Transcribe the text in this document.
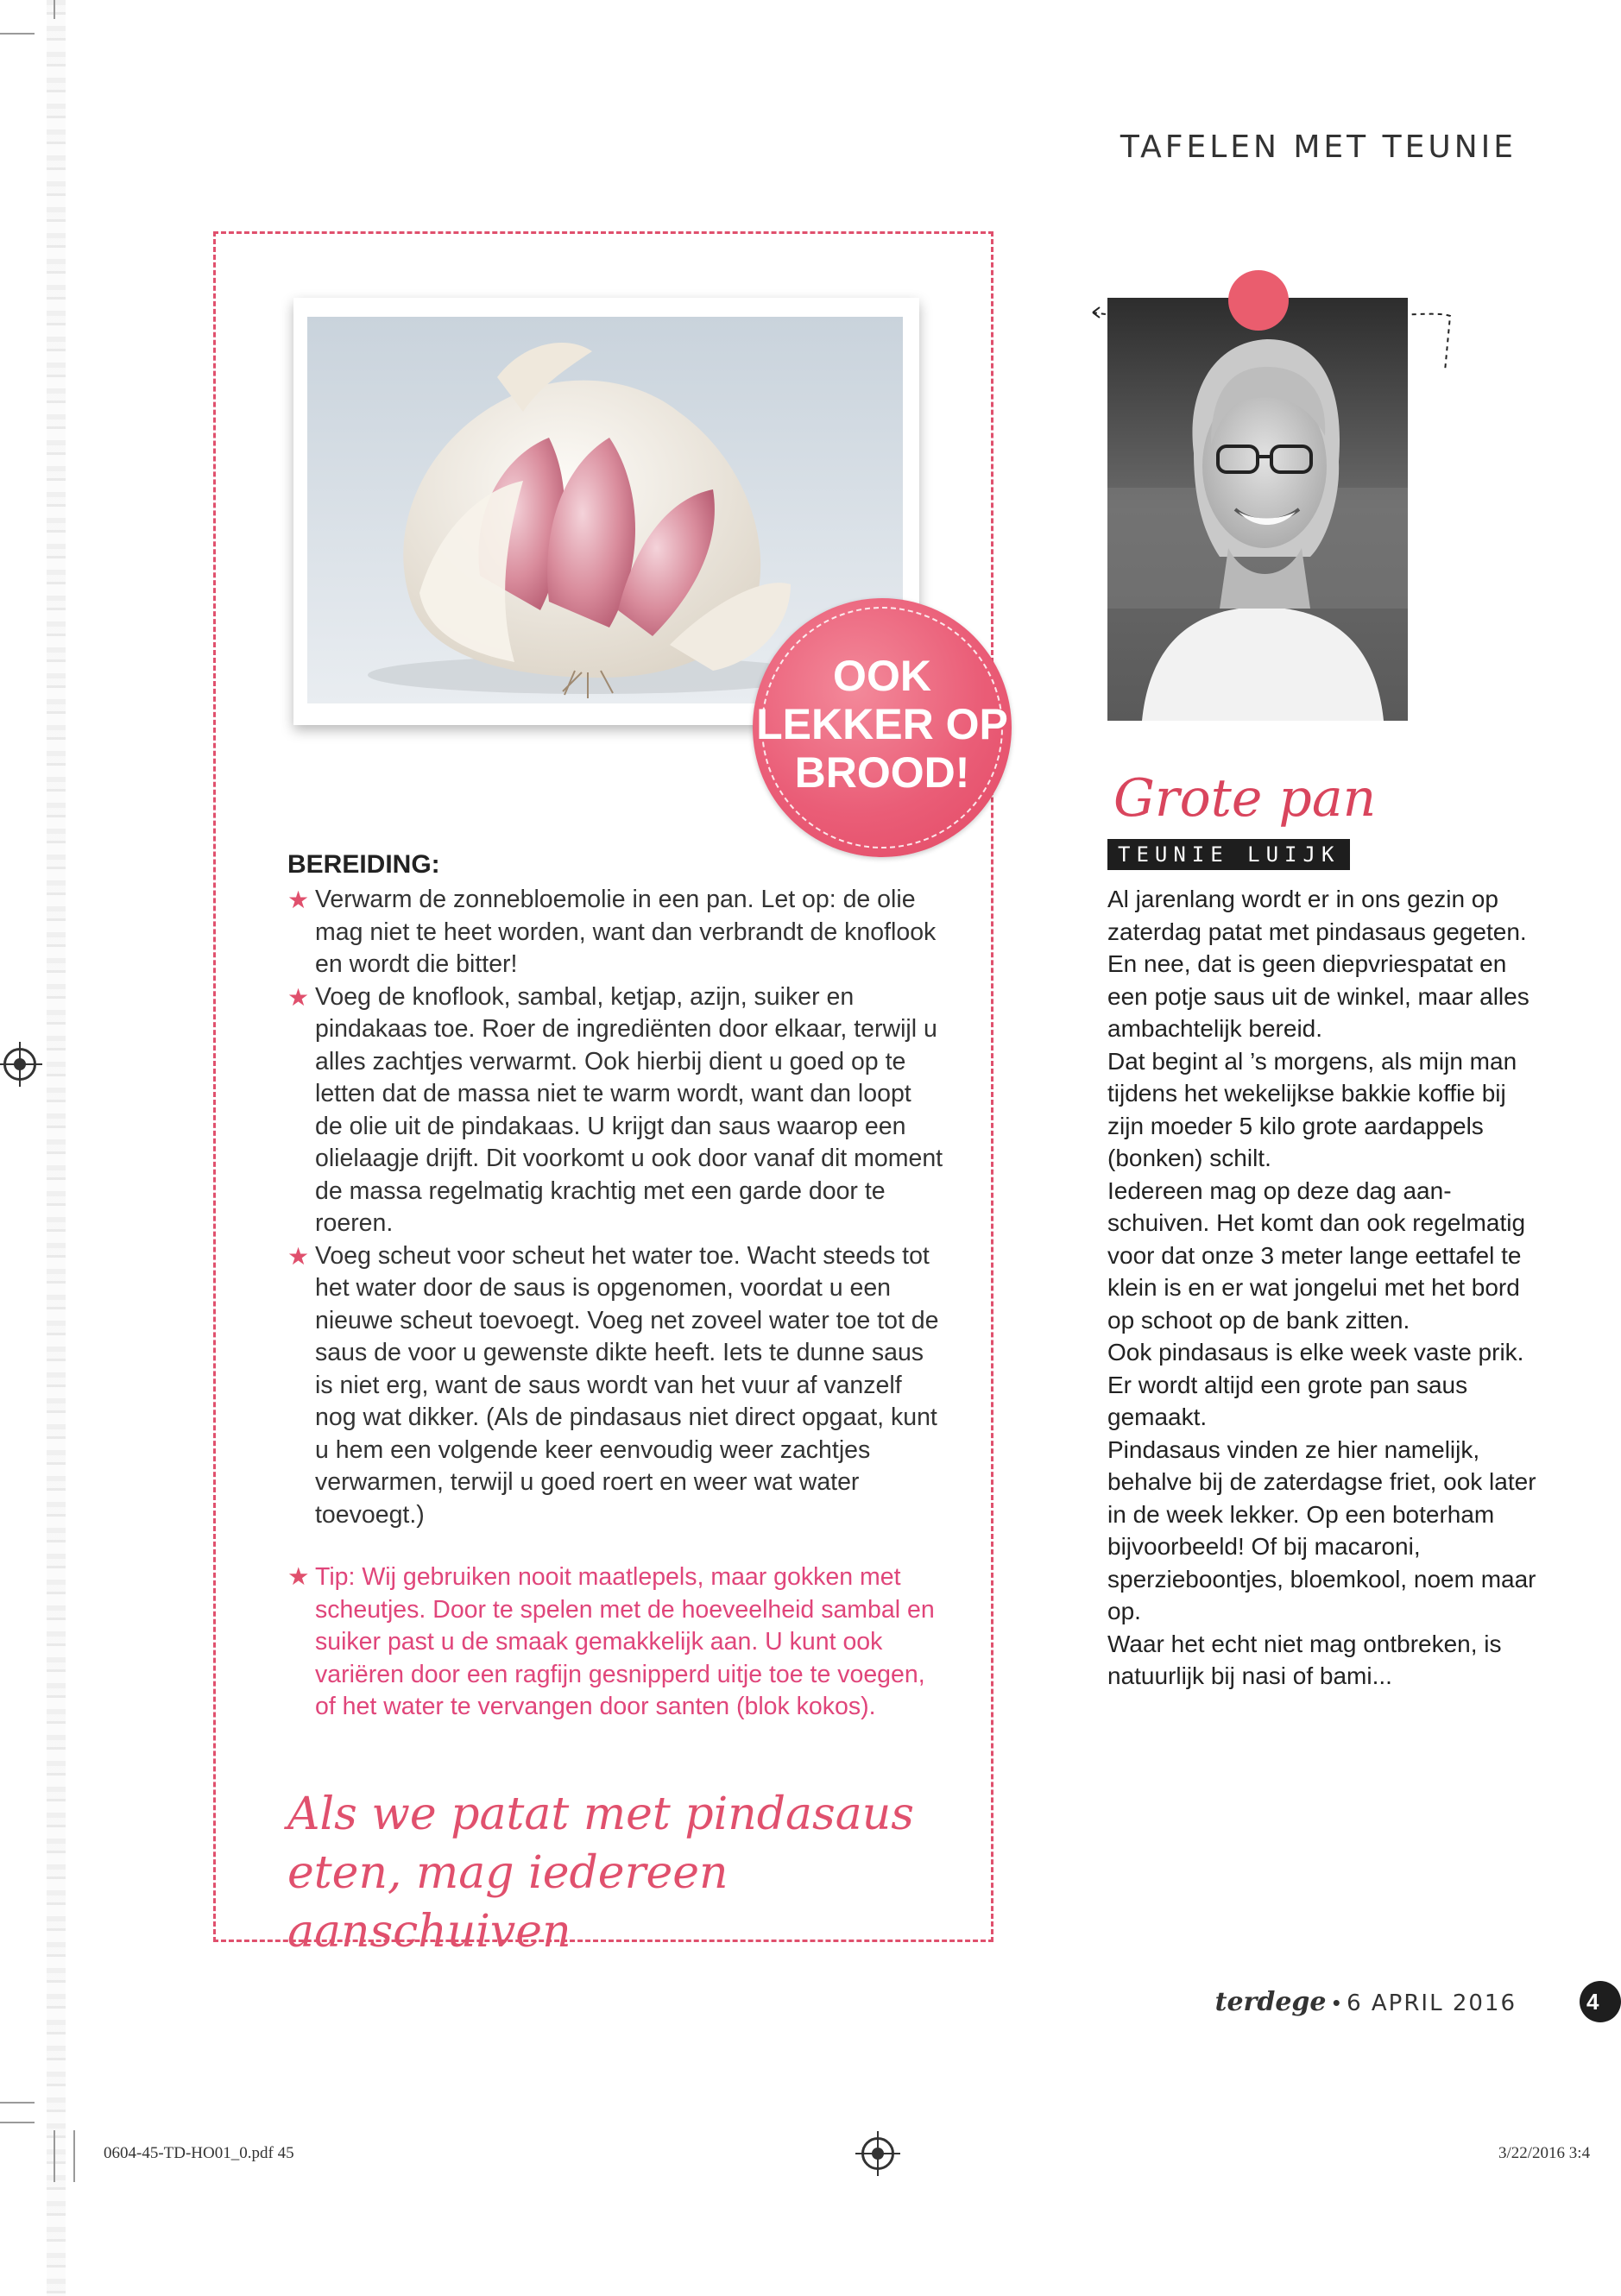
TAFELEN MET TEUNIE
OOK
LEKKER OP
BROOD!
BEREIDING:
★ Verwarm de zonnebloemolie in een pan. Let op: de olie mag niet te heet worden, want dan verbrandt de knoflook en wordt die bitter!
★ Voeg de knoflook, sambal, ketjap, azijn, suiker en pindakaas toe. Roer de ingrediënten door elkaar, terwijl u alles zachtjes verwarmt. Ook hierbij dient u goed op te letten dat de massa niet te warm wordt, want dan loopt de olie uit de pindakaas. U krijgt dan saus waarop een olielaagje drijft. Dit voorkomt u ook door vanaf dit moment de massa regelmatig krachtig met een garde door te roeren.
★ Voeg scheut voor scheut het water toe. Wacht steeds tot het water door de saus is opgenomen, voordat u een nieuwe scheut toevoegt. Voeg net zoveel water toe tot de saus de voor u gewenste dikte heeft. Iets te dunne saus is niet erg, want de saus wordt van het vuur af vanzelf nog wat dikker. (Als de pindasaus niet direct opgaat, kunt u hem een volgende keer eenvoudig weer zachtjes verwarmen, terwijl u goed roert en weer wat water toevoegt.)
★ Tip: Wij gebruiken nooit maatlepels, maar gokken met scheutjes. Door te spelen met de hoeveelheid sambal en suiker past u de smaak gemakkelijk aan. U kunt ook variëren door een ragfijn gesnipperd uitje toe te voegen, of het water te vervangen door santen (blok kokos).
Als we patat met pindasaus eten, mag iedereen aanschuiven
Grote pan
TEUNIE LUIJK

Al jarenlang wordt er in ons gezin op zaterdag patat met pindasaus gegeten. En nee, dat is geen diepvriespatat en een potje saus uit de winkel, maar alles ambachtelijk bereid.

Dat begint al ’s morgens, als mijn man tijdens het wekelijkse bakkie koffie bij zijn moeder 5 kilo grote aardappels (bonken) schilt.

Iedereen mag op deze dag aanschuiven. Het komt dan ook regelmatig voor dat onze 3 meter lange eettafel te klein is en er wat jongelui met het bord op schoot op de bank zitten.

Ook pindasaus is elke week vaste prik. Er wordt altijd een grote pan saus gemaakt.

Pindasaus vinden ze hier namelijk, behalve bij de zaterdagse friet, ook later in de week lekker. Op een boterham bijvoorbeeld! Of bij macaroni, sperzieboontjes, bloemkool, noem maar op.

Waar het echt niet mag ontbreken, is natuurlijk bij nasi of bami...

terdege • 6 APRIL 2016	4
0604-45-TD-HO01_0.pdf 45	3/22/2016 3:4
